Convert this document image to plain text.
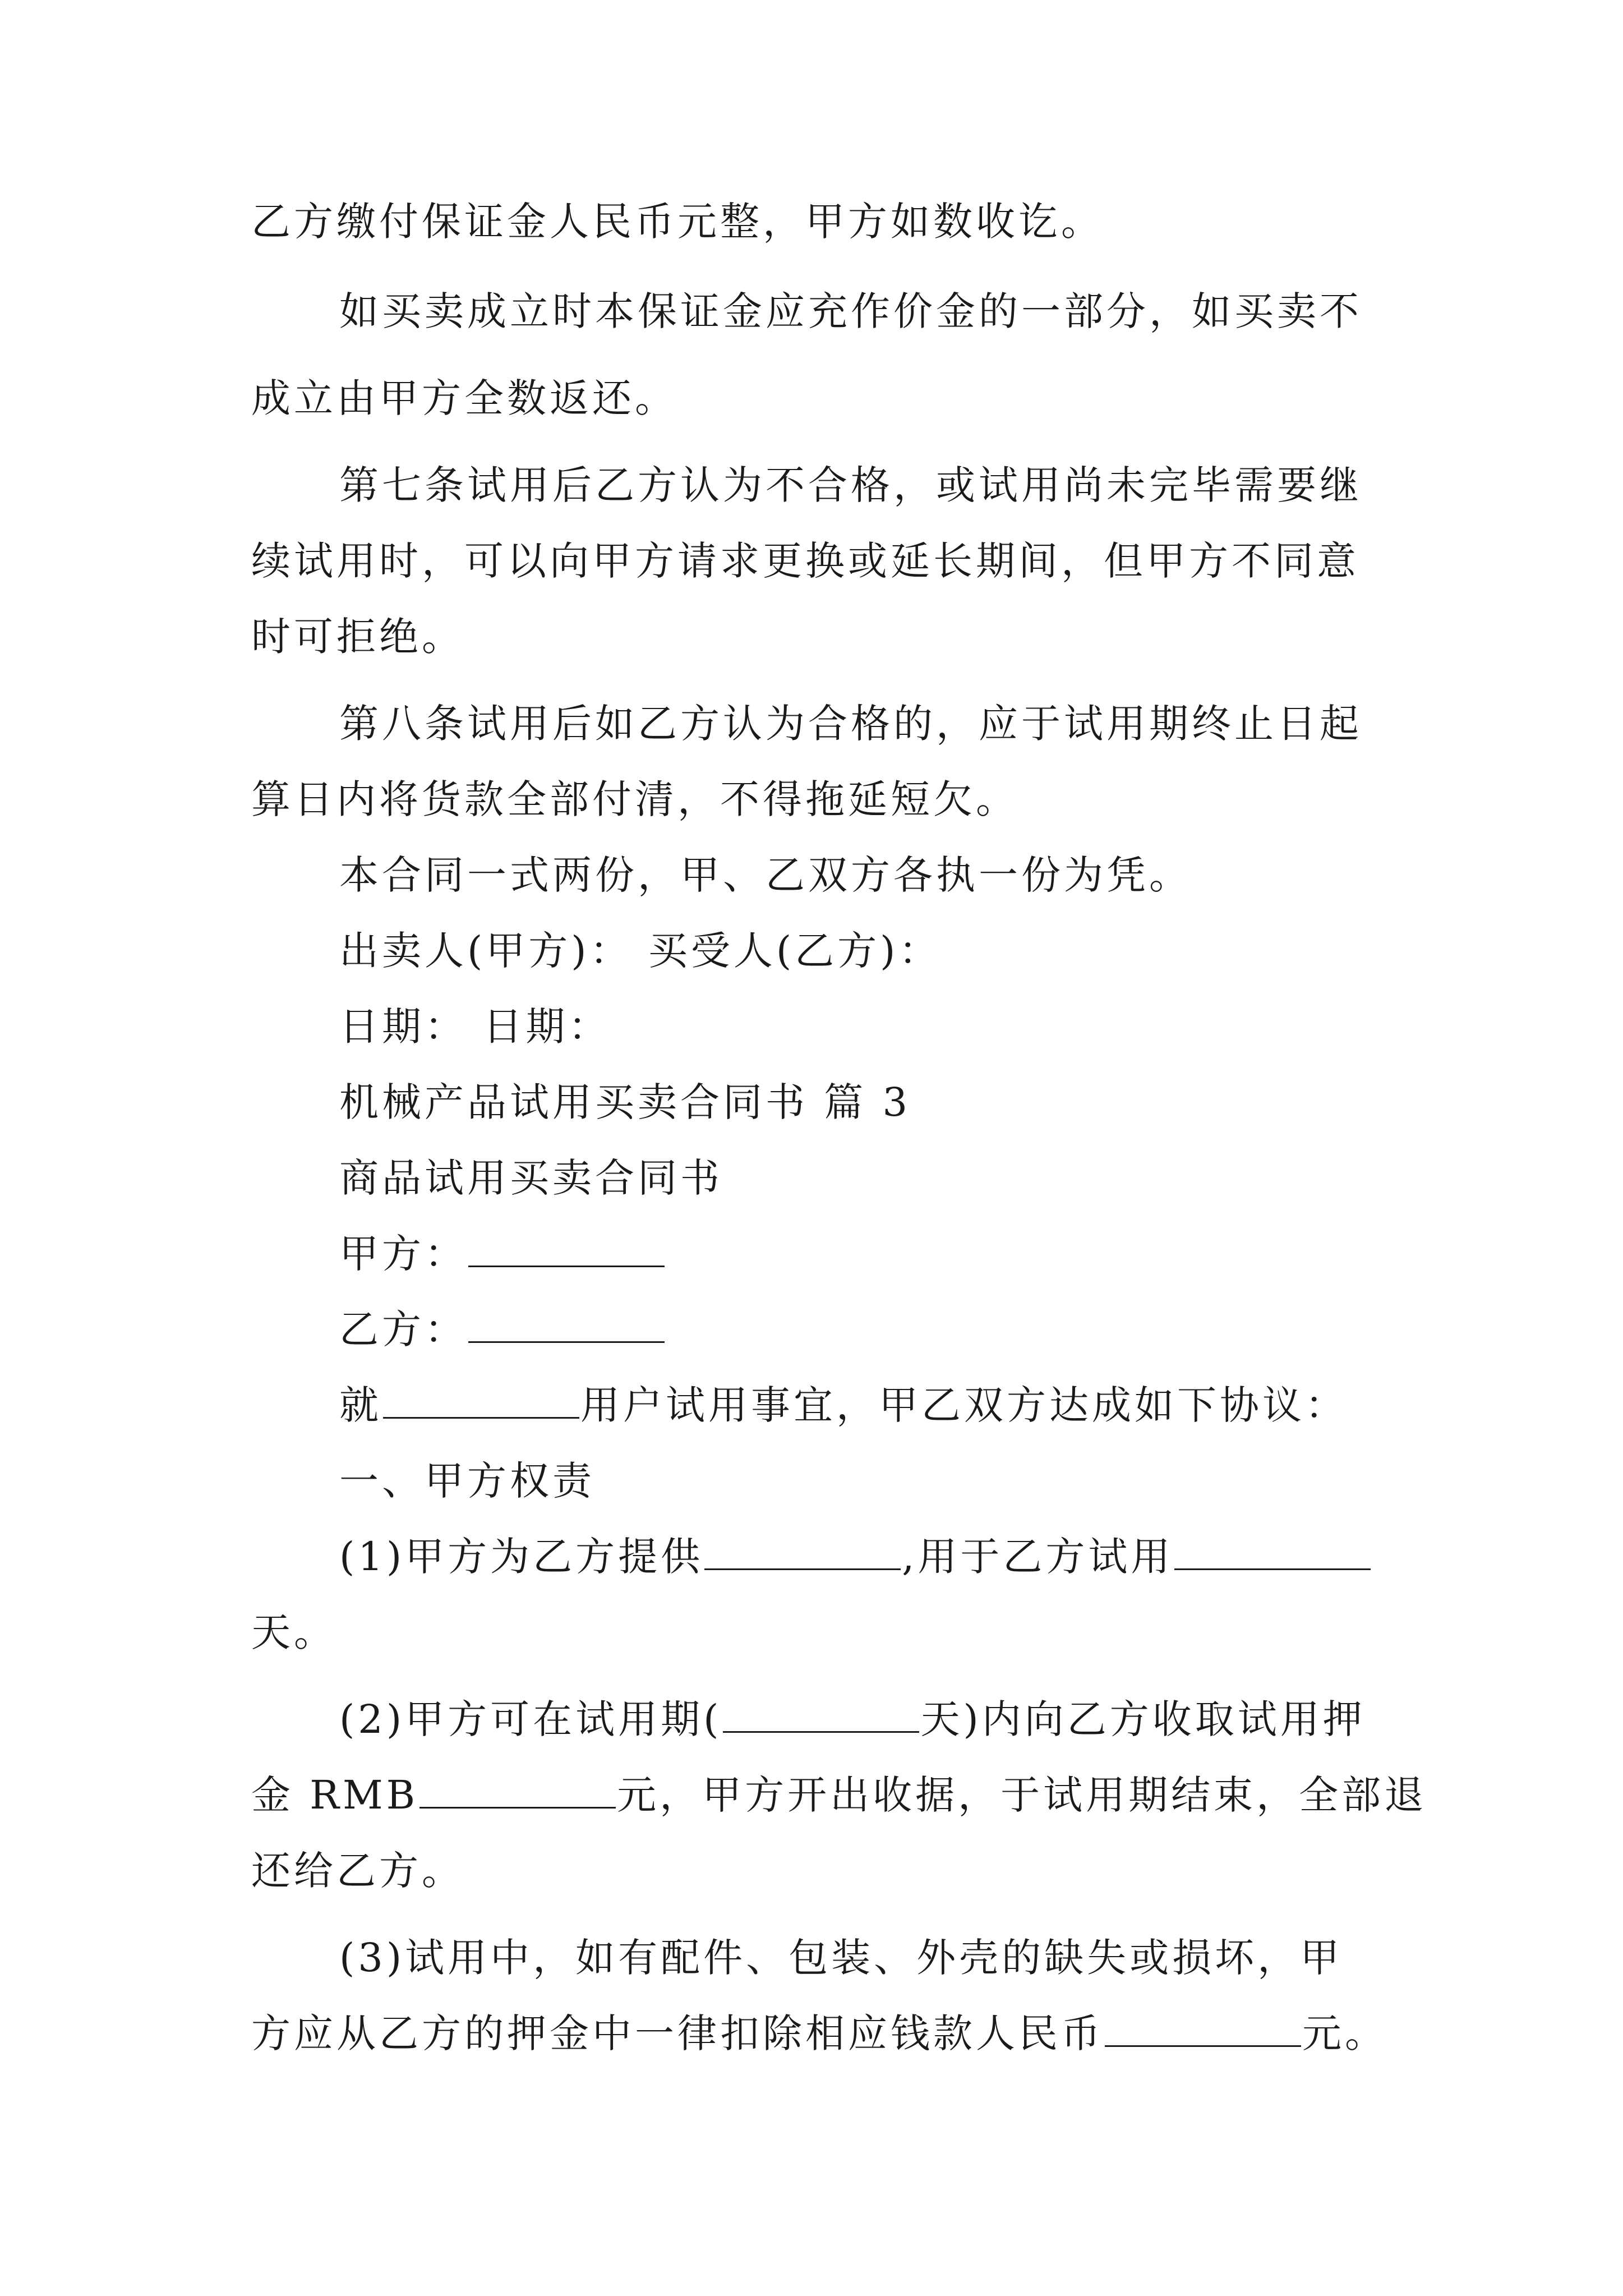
乙方缴付保证金人民币元整，甲方如数收讫。
如买卖成立时本保证金应充作价金的一部分，如买卖不
成立由甲方全数返还。
第七条试用后乙方认为不合格，或试用尚未完毕需要继
续试用时，可以向甲方请求更换或延长期间，但甲方不同意
时可拒绝。
第八条试用后如乙方认为合格的，应于试用期终止日起
算日内将货款全部付清，不得拖延短欠。
本合同一式两份，甲、乙双方各执一份为凭。
出卖人(甲方)： 买受人(乙方)：
日期： 日期：
机械产品试用买卖合同书 篇 3
商品试用买卖合同书
甲方：
乙方：
就	用户试用事宜，甲乙双方达成如下协议：
一、甲方权责
(1)甲方为乙方提供	,用于乙方试用
天。
(2)甲方可在试用期(	天)内向乙方收取试用押
金 RMB	元，甲方开出收据，于试用期结束，全部退
还给乙方。
(3)试用中，如有配件、包装、外壳的缺失或损坏，甲
方应从乙方的押金中一律扣除相应钱款人民币	元。
